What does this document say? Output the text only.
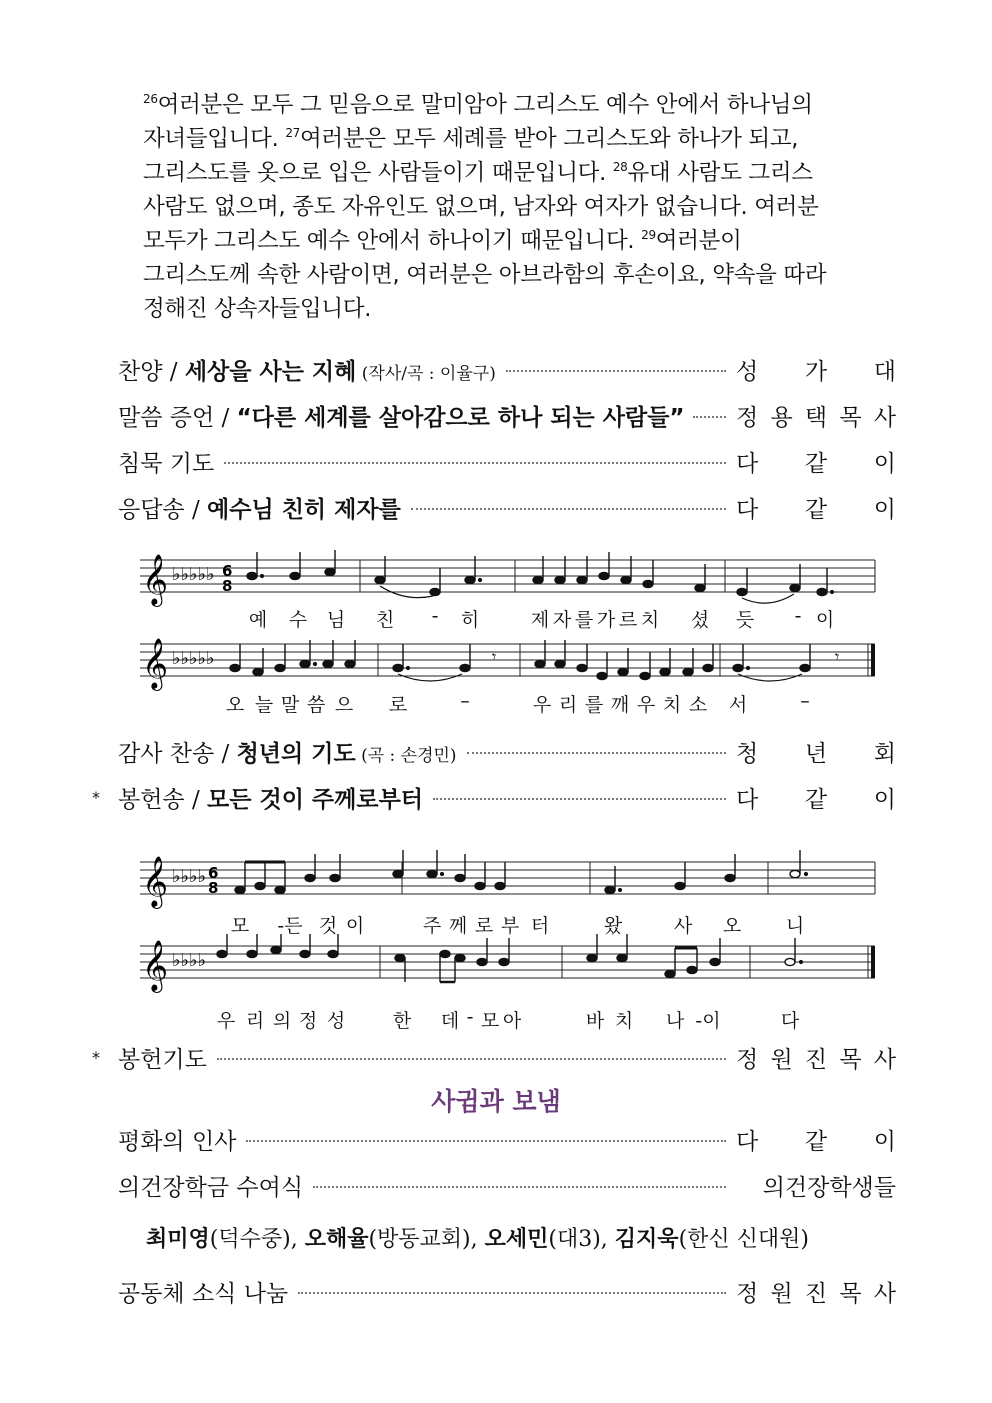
$^{26}$여러분은 모두 그 믿음으로 말미암아 그리스도 예수 안에서 하나님의

자녀들입니다. $^{27}$여러분은 모두 세례를 받아 그리스도와 하나가 되고,

그리스도를 옷으로 입은 사람들이기 때문입니다. $^{28}$유대 사람도 그리스

사람도 없으며, 종도 자유인도 없으며, 남자와 여자가 없습니다. 여러분

모두가 그리스도 예수 안에서 하나이기 때문입니다. $^{29}$여러분이

그리스도께 속한 사람이면, 여러분은 아브라함의 후손이요, 약속을 따라

정해진 상속자들입니다.

찬양 / 세상을 사는 지혜 (작사/곡 : 이율구)	성 가 대
말씀 증언 / “다른 세계를 살아감으로 하나 되는 사람들” 정 용 택 목 사
침묵 기도	다 같 이
응답송 / 예수님 친히 제자를	다 같 이
𝄞 ♭♭♭♭♭ 6
8
예 수 님 친 - 히	제 자 를 가 르 치 셨 듯 - 이
𝄞 ♭♭♭♭♭	𝄾	𝄾
오 늘 말 씀 으 로	–	우 리 를 깨 우 치 소 서	–
감사 찬송 / 청년의 기도 (곡 : 손경민)	청 년 회
* 봉헌송 / 모든 것이 주께로부터	다 같 이
𝄞 ♭♭♭♭ 6
8
모 -든 것 이	주 께 로 부 터	왔	사 오 니
𝄞 ♭♭♭♭
우 리 의 정 성	한 데 - 모 아	바 치 나 -이	다
* 봉헌기도	정 원 진 목 사
사귐과 보냄
평화의 인사	다 같 이
의건장학금 수여식	의건장학생들
최미영(덕수중), 오해율(방동교회), 오세민(대3), 김지욱(한신 신대원)
공동체 소식 나눔	정 원 진 목 사
